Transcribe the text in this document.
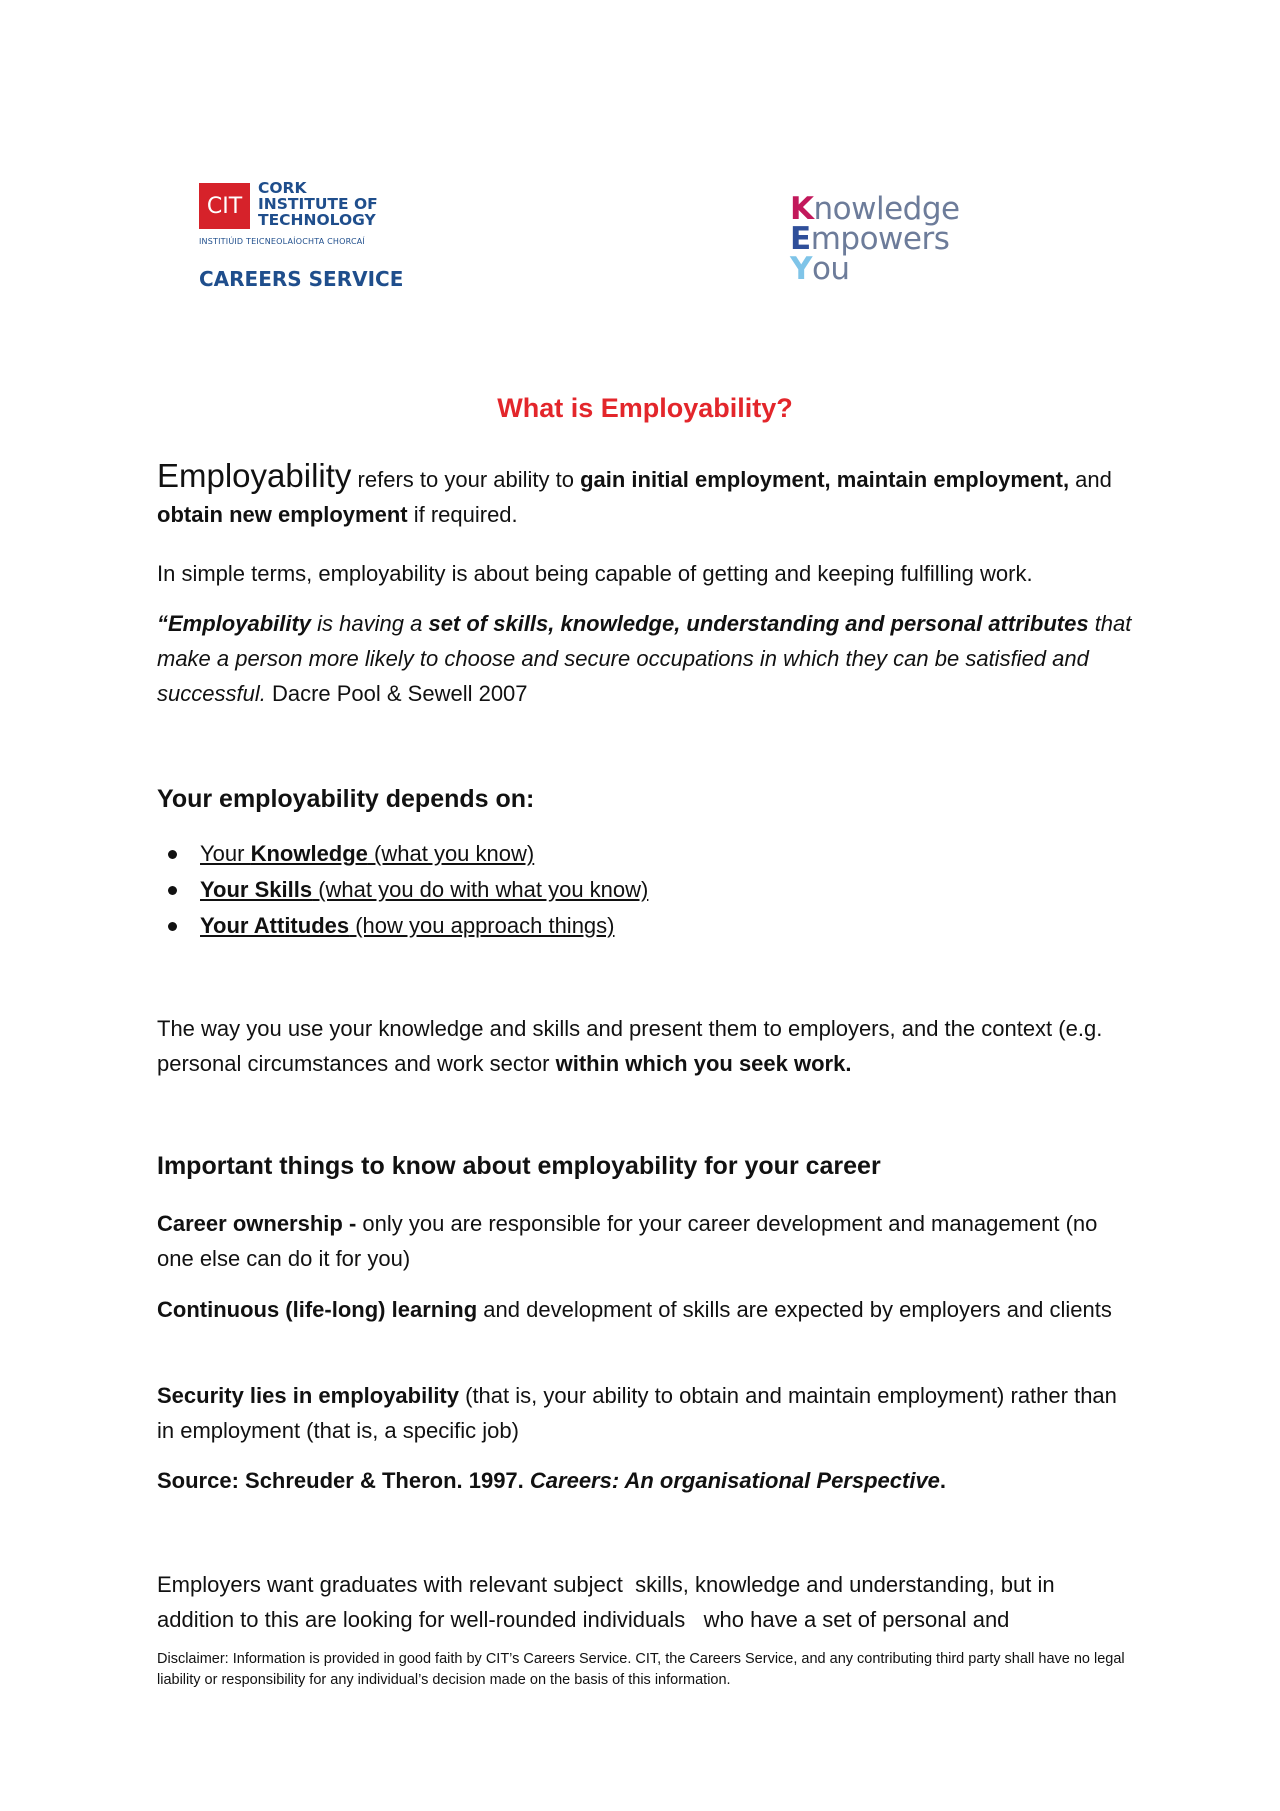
CIT
CORK
INSTITUTE OF
TECHNOLOGY
INSTITIÚID TEICNEOLAÍOCHTA CHORCAÍ
CAREERS SERVICE
Knowledge
Empowers
You
What is Employability?
Employability refers to your ability to gain initial employment, maintain employment, and obtain new employment if required.
In simple terms, employability is about being capable of getting and keeping fulfilling work.
“Employability is having a set of skills, knowledge, understanding and personal attributes that make a person more likely to choose and secure occupations in which they can be satisfied and successful. Dacre Pool & Sewell 2007
Your employability depends on:
Your Knowledge (what you know)
Your Skills (what you do with what you know)
Your Attitudes (how you approach things)
The way you use your knowledge and skills and present them to employers, and the context (e.g. personal circumstances and work sector within which you seek work.
Important things to know about employability for your career
Career ownership - only you are responsible for your career development and management (no one else can do it for you)
Continuous (life-long) learning and development of skills are expected by employers and clients
Security lies in employability (that is, your ability to obtain and maintain employment) rather than in employment (that is, a specific job)
Source: Schreuder & Theron. 1997. Careers: An organisational Perspective.
Employers want graduates with relevant subject  skills, knowledge and understanding, but in addition to this are looking for well-rounded individuals   who have a set of personal and
Disclaimer: Information is provided in good faith by CIT’s Careers Service. CIT, the Careers Service, and any contributing third party shall have no legal liability or responsibility for any individual’s decision made on the basis of this information.
